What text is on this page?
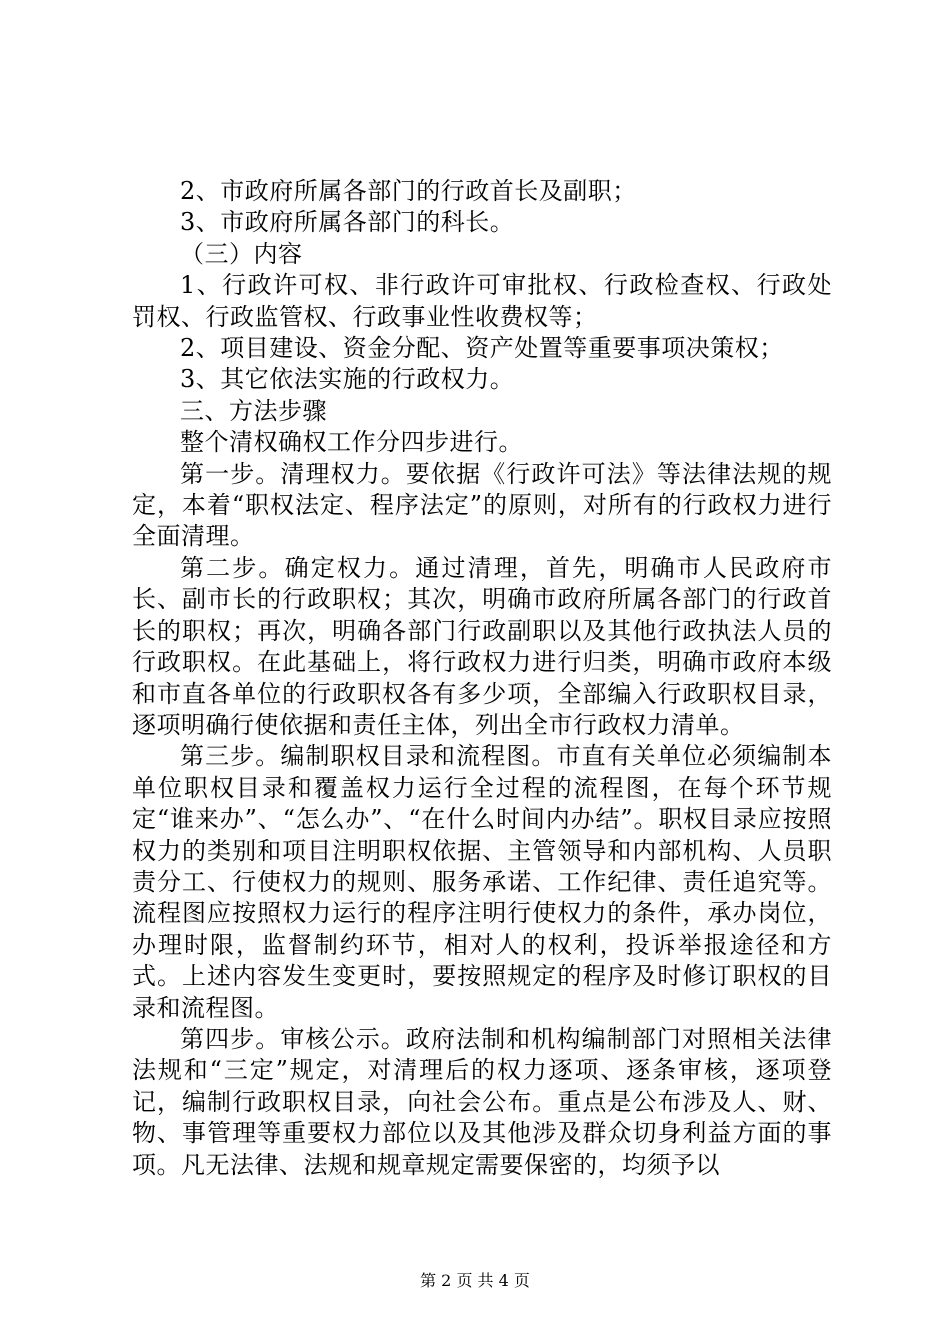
2、市政府所属各部门的行政首长及副职；

3、市政府所属各部门的科长。

（三）内容

1、行政许可权、非行政许可审批权、行政检查权、行政处罚权、行政监管权、行政事业性收费权等；

2、项目建设、资金分配、资产处置等重要事项决策权；

3、其它依法实施的行政权力。

三、方法步骤

整个清权确权工作分四步进行。

第一步。清理权力。要依据《行政许可法》等法律法规的规定，本着“职权法定、程序法定”的原则，对所有的行政权力进行全面清理。

第二步。确定权力。通过清理，首先，明确市人民政府市长、副市长的行政职权；其次，明确市政府所属各部门的行政首长的职权；再次，明确各部门行政副职以及其他行政执法人员的行政职权。在此基础上，将行政权力进行归类，明确市政府本级和市直各单位的行政职权各有多少项，全部编入行政职权目录，逐项明确行使依据和责任主体，列出全市行政权力清单。

第三步。编制职权目录和流程图。市直有关单位必须编制本单位职权目录和覆盖权力运行全过程的流程图，在每个环节规定“谁来办”、“怎么办”、“在什么时间内办结”。职权目录应按照权力的类别和项目注明职权依据、主管领导和内部机构、人员职责分工、行使权力的规则、服务承诺、工作纪律、责任追究等。流程图应按照权力运行的程序注明行使权力的条件，承办岗位，办理时限，监督制约环节，相对人的权利，投诉举报途径和方式。上述内容发生变更时，要按照规定的程序及时修订职权的目录和流程图。

第四步。审核公示。政府法制和机构编制部门对照相关法律法规和“三定”规定，对清理后的权力逐项、逐条审核，逐项登记，编制行政职权目录，向社会公布。重点是公布涉及人、财、物、事管理等重要权力部位以及其他涉及群众切身利益方面的事项。凡无法律、法规和规章规定需要保密的，均须予以

第 2 页 共 4 页
